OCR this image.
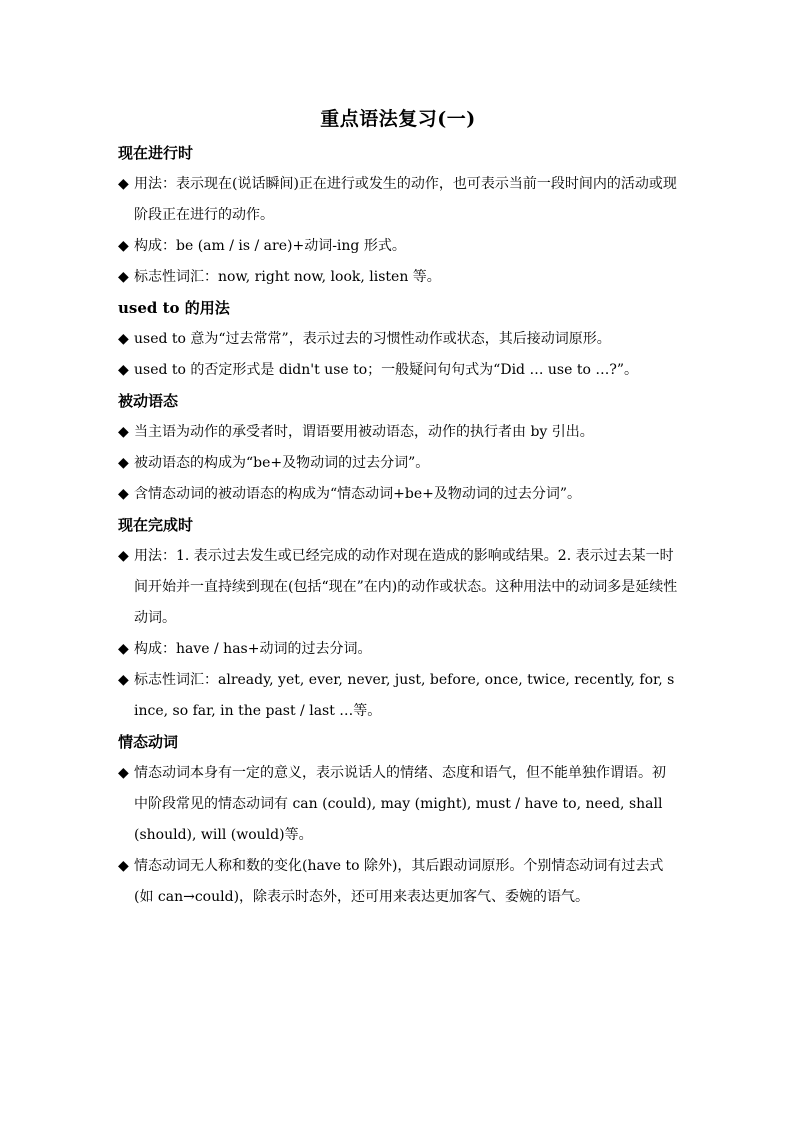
重点语法复习(一)
现在进行时
◆ 用法：表示现在(说话瞬间)正在进行或发生的动作，也可表示当前一段时间内的活动或现阶段正在进行的动作。
◆ 构成：be (am / is / are)+动词-ing 形式。
◆ 标志性词汇：now, right now, look, listen 等。
used to 的用法
◆ used to 意为“过去常常”，表示过去的习惯性动作或状态，其后接动词原形。
◆ used to 的否定形式是 didn't use to；一般疑问句句式为“Did … use to …?”。
被动语态
◆ 当主语为动作的承受者时，谓语要用被动语态，动作的执行者由 by 引出。
◆ 被动语态的构成为“be+及物动词的过去分词”。
◆ 含情态动词的被动语态的构成为“情态动词+be+及物动词的过去分词”。
现在完成时
◆ 用法：1. 表示过去发生或已经完成的动作对现在造成的影响或结果。2. 表示过去某一时间开始并一直持续到现在(包括“现在”在内)的动作或状态。这种用法中的动词多是延续性动词。
◆ 构成：have / has+动词的过去分词。
◆ 标志性词汇：already, yet, ever, never, just, before, once, twice, recently, for, since, so far, in the past / last …等。
情态动词
◆ 情态动词本身有一定的意义，表示说话人的情绪、态度和语气，但不能单独作谓语。初中阶段常见的情态动词有 can (could), may (might), must / have to, need, shall (should), will (would)等。
◆ 情态动词无人称和数的变化(have to 除外)，其后跟动词原形。个别情态动词有过去式(如 can→could)，除表示时态外，还可用来表达更加客气、委婉的语气。
